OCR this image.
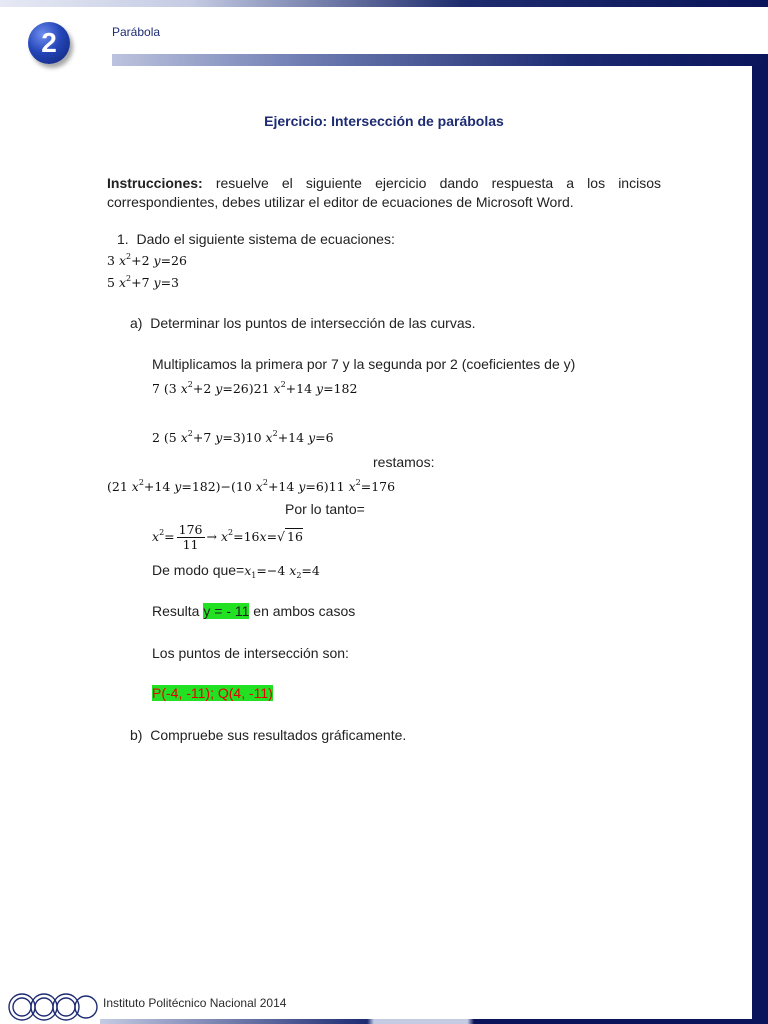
2	Parábola
Ejercicio: Intersección de parábolas
Instrucciones: resuelve el siguiente ejercicio dando respuesta a los incisos correspondientes, debes utilizar el editor de ecuaciones de Microsoft Word.
1. Dado el siguiente sistema de ecuaciones:
3 $x^2+2$ y=26
5 $x^2+7$ y=3
a) Determinar los puntos de intersección de las curvas.
Multiplicamos la primera por 7 y la segunda por 2 (coeficientes de y)
7 (3 $x^2+2$ y=26)21 $x^2+14$ y=182
2 (5 $x^2+7$ y=3)10 $x^2+14$ y=6
restamos:
(21 $x^2+14$ y=182)−(10 $x^2+14$ y=6)11 $x^2=176$
Por lo tanto=
$x^2= \frac{176}{11} \to x^2=16x=√$ 16
De modo $que=x_1=-4$ $x_2=4$
Resulta y = - 11 en ambos casos
Los puntos de intersección son:
P(-4, -11); Q(4, -11)
b) Compruebe sus resultados gráficamente.
Instituto Politécnico Nacional 2014
